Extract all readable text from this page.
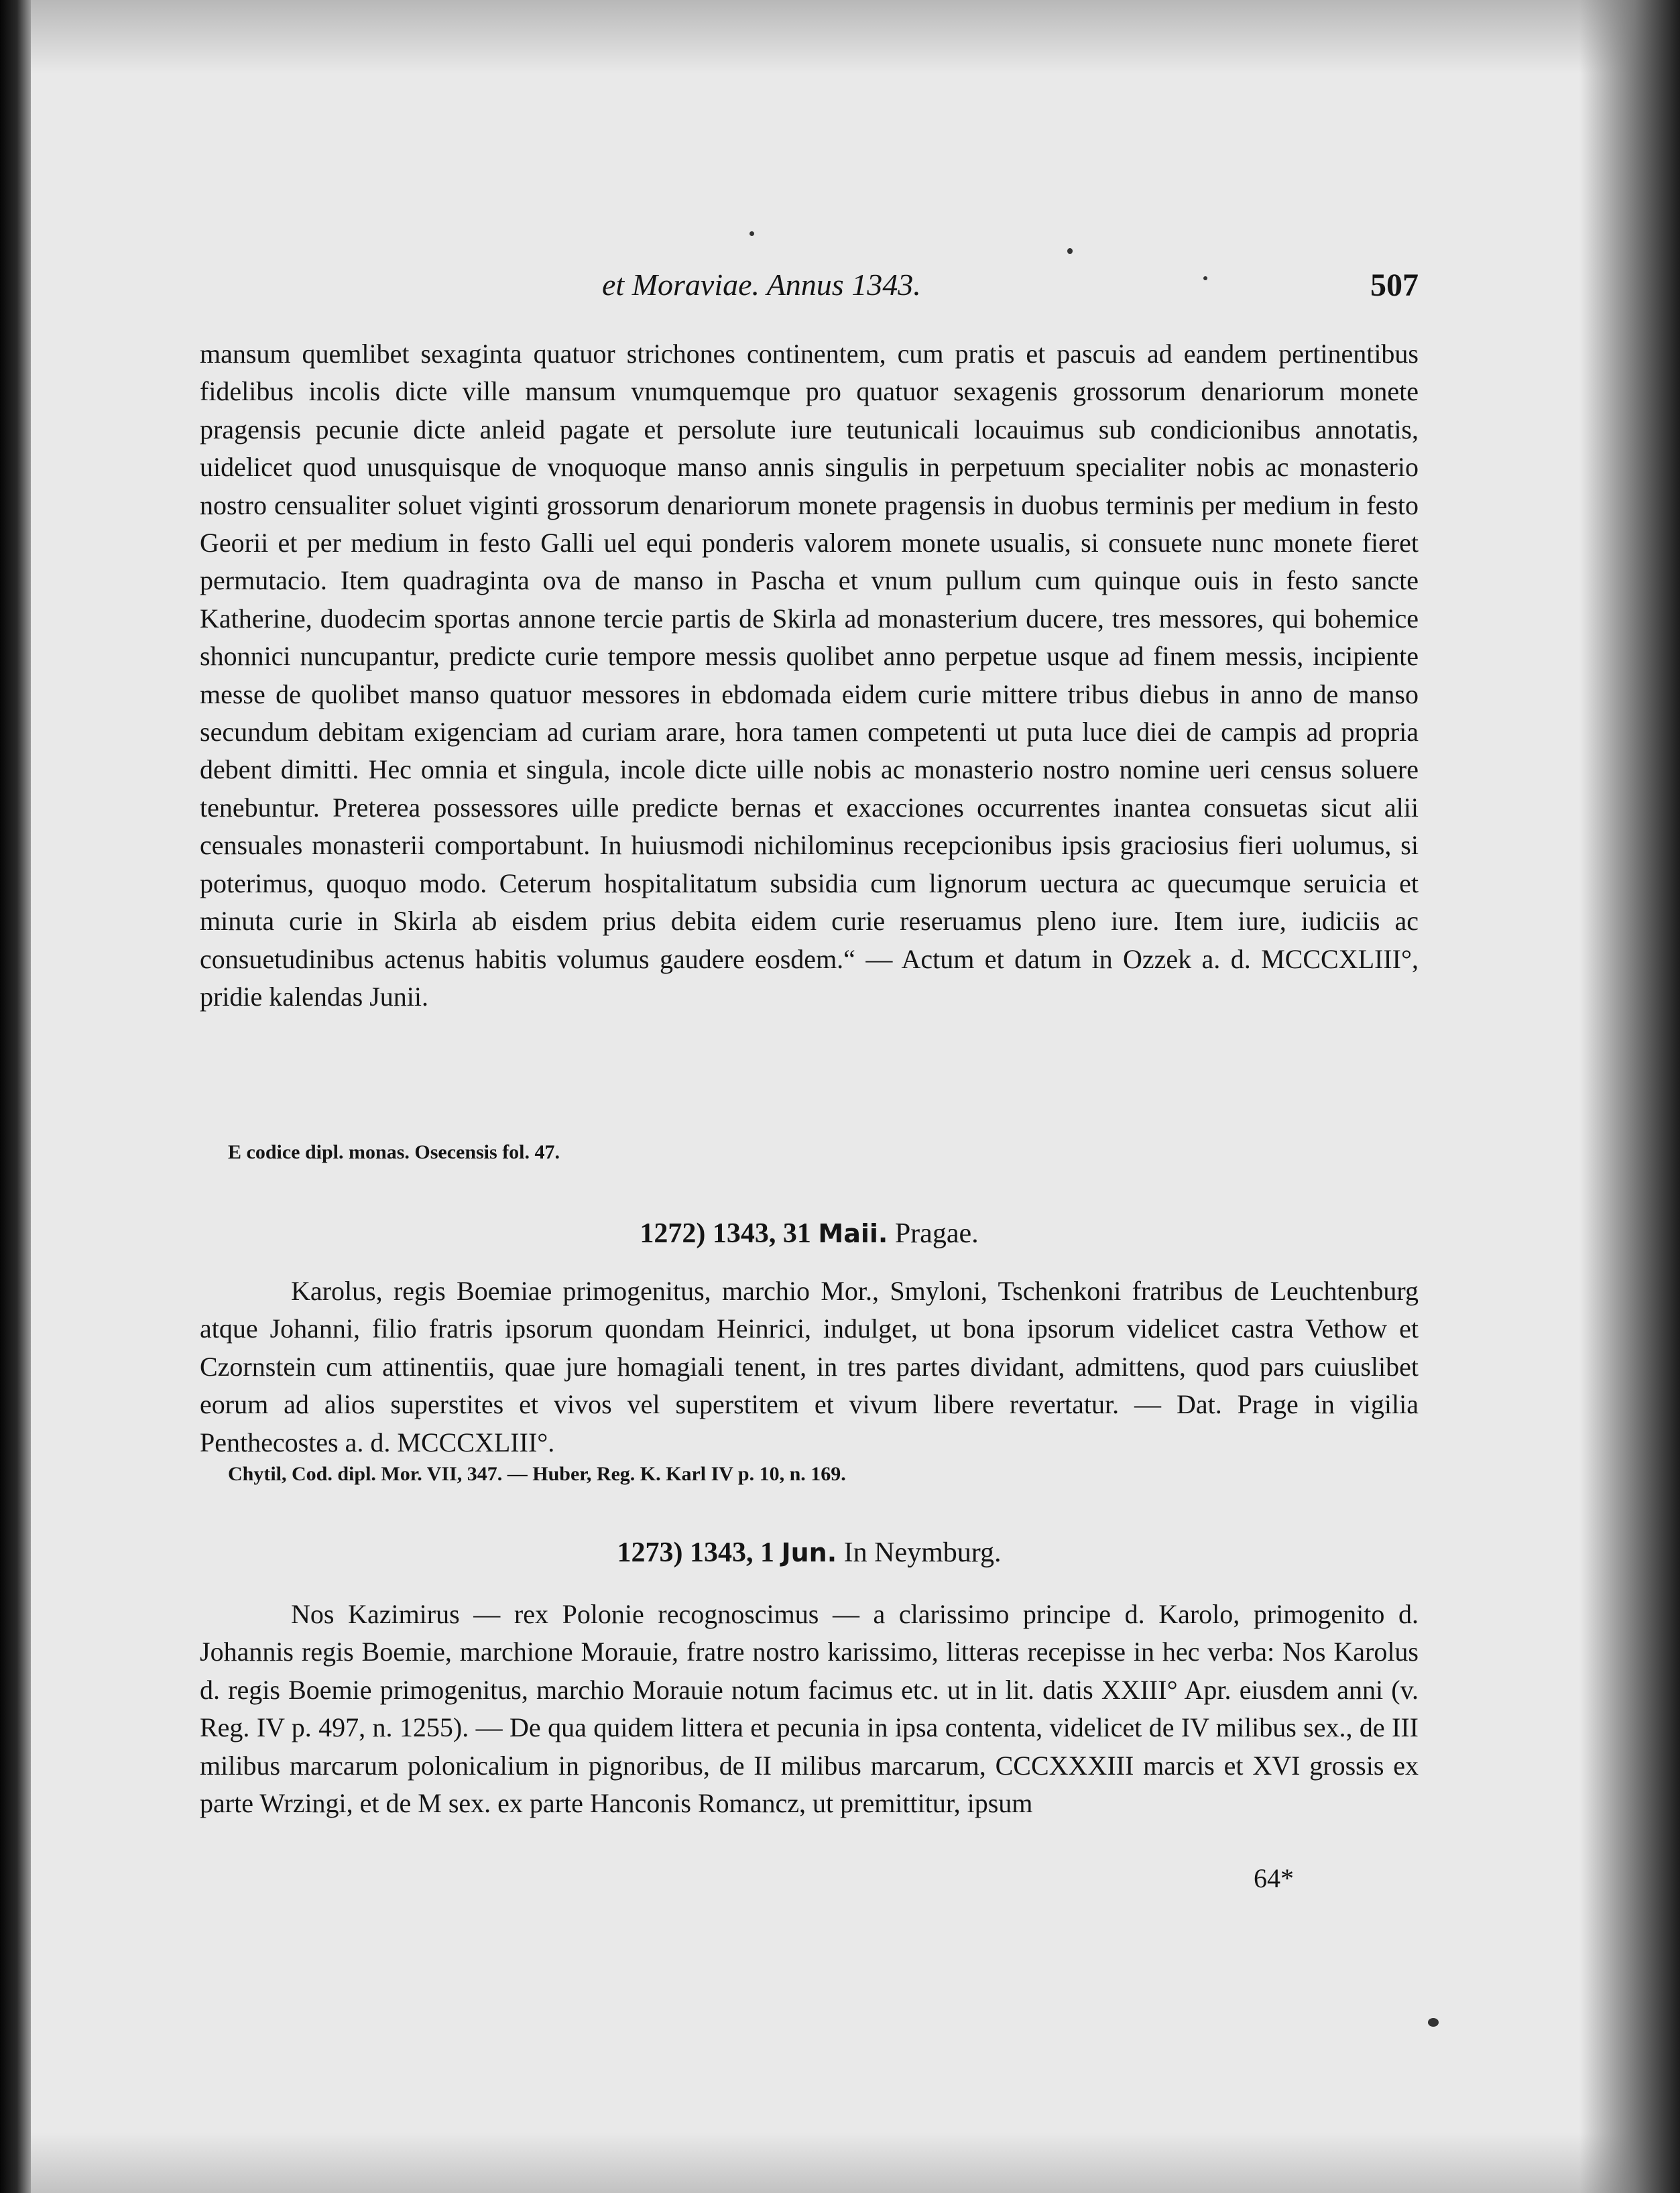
et Moraviae. Annus 1343.	507
mansum quemlibet sexaginta quatuor strichones continentem, cum pratis et pascuis ad eandem pertinentibus fidelibus incolis dicte ville mansum vnumquemque pro quatuor sexagenis grossorum denariorum monete pragensis pecunie dicte anleid pagate et persolute iure teutunicali locauimus sub condicionibus annotatis, uidelicet quod unusquisque de vnoquoque manso annis singulis in perpetuum specialiter nobis ac monasterio nostro censualiter soluet viginti grossorum denariorum monete pragensis in duobus terminis per medium in festo Georii et per medium in festo Galli uel equi ponderis valorem monete usualis, si consuete nunc monete fieret permutacio. Item quadraginta ova de manso in Pascha et vnum pullum cum quinque ouis in festo sancte Katherine, duodecim sportas annone tercie partis de Skirla ad monasterium ducere, tres messores, qui bohemice shonnici nuncupantur, predicte curie tempore messis quolibet anno perpetue usque ad finem messis, incipiente messe de quolibet manso quatuor messores in ebdomada eidem curie mittere tribus diebus in anno de manso secundum debitam exigenciam ad curiam arare, hora tamen competenti ut puta luce diei de campis ad propria debent dimitti. Hec omnia et singula, incole dicte uille nobis ac monasterio nostro nomine ueri census soluere tenebuntur. Preterea possessores uille predicte bernas et exacciones occurrentes inantea consuetas sicut alii censuales monasterii comportabunt. In huiusmodi nichilominus recepcionibus ipsis graciosius fieri uolumus, si poterimus, quoquo modo. Ceterum hospitalitatum subsidia cum lignorum uectura ac quecumque seruicia et minuta curie in Skirla ab eisdem prius debita eidem curie reseruamus pleno iure. Item iure, iudiciis ac consuetudinibus actenus habitis volumus gaudere eosdem.“ — Actum et datum in Ozzek a. d. MCCCXLIII°, pridie kalendas Junii.
E codice dipl. monas. Osecensis fol. 47.
1272) 1343, 31 Maii. Pragae.
Karolus, regis Boemiae primogenitus, marchio Mor., Smyloni, Tschenkoni fratribus de Leuchtenburg atque Johanni, filio fratris ipsorum quondam Heinrici, indulget, ut bona ipsorum videlicet castra Vethow et Czornstein cum attinentiis, quae jure homagiali tenent, in tres partes dividant, admittens, quod pars cuiuslibet eorum ad alios superstites et vivos vel superstitem et vivum libere revertatur. — Dat. Prage in vigilia Penthecostes a. d. MCCCXLIII°.
Chytil, Cod. dipl. Mor. VII, 347. — Huber, Reg. K. Karl IV p. 10, n. 169.
1273) 1343, 1 Jun. In Neymburg.
Nos Kazimirus — rex Polonie recognoscimus — a clarissimo principe d. Karolo, primogenito d. Johannis regis Boemie, marchione Morauie, fratre nostro karissimo, litteras recepisse in hec verba: Nos Karolus d. regis Boemie primogenitus, marchio Morauie notum facimus etc. ut in lit. datis XXIII° Apr. eiusdem anni (v. Reg. IV p. 497, n. 1255). — De qua quidem littera et pecunia in ipsa contenta, videlicet de IV milibus sex., de III milibus marcarum polonicalium in pignoribus, de II milibus marcarum, CCCXXXIII marcis et XVI grossis ex parte Wrzingi, et de M sex. ex parte Hanconis Romancz, ut premittitur, ipsum
64*
